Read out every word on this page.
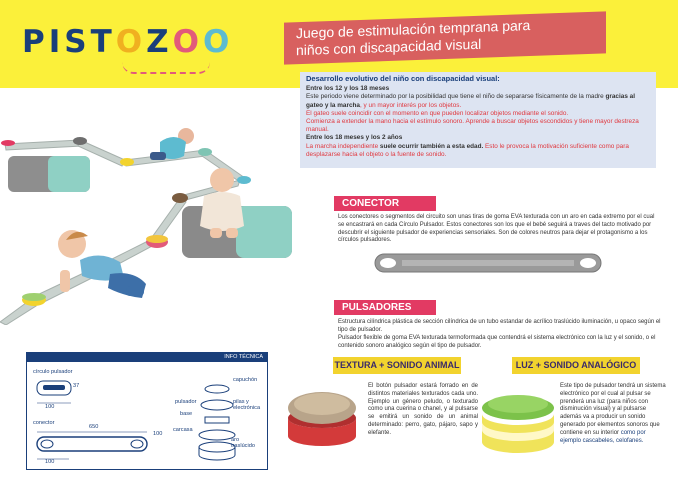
PISTOZOO	Juego de estimulación temprana para
niños con discapacidad visual
Desarrollo evolutivo del niño con discapacidad visual:
Entre los 12 y los 18 meses
Este periodo viene determinado por la posibilidad que tiene el niño de separarse físicamente de la madre gracias al gateo y la marcha, y un mayor interés por los objetos.
El gateo suele coincidir con el momento en que pueden localizar objetos mediante el sonido.
Comienza a extender la mano hacia el estímulo sonoro. Aprende a buscar objetos escondidos y tiene mayor destreza manual.
Entre los 18 meses y los 2 años
La marcha independiente suele ocurrir también a esta edad. Esto le provoca la motivación suficiente como para desplazarse hacia el objeto o la fuente de sonido.
CONECTOR
Los conectores o segmentos del circuito son unas tiras de goma EVA texturada con un aro en cada extremo por el cual se encastrará en cada Círculo Pulsador. Estos conectores son los que el bebé seguirá a traves del tacto motivado por descubrir el siguiente pulsador de experiencias sensoriales. Son de colores neutros para dejar el protagonismo a los círculos pulsadores.
PULSADORES
Estructura cilíndrica plástica de sección cilíndrica de un tubo estandar de acrílico traslúcido iluminación, u opaco según el tipo de pulsador.
Pulsador flexible de goma EVA texturada termoformada que contendrá el sistema electrónico con la luz y el sonido, o el contenido sonoro analógico según el tipo de pulsador.
INFO TÉCNICA
círculo pulsador
37
100
conector
650
100
100
capuchón
pulsador	pilas y electrónica
base
carcasa
aro traslúcido
TEXTURA + SONIDO ANIMAL
El botón pulsador estará forrado en de distintos materiales texturados cada uno. Ejemplo un género peludo, o texturado como una cuerina o chanel, y al pulsarse se emitirá un sonido de un animal determinado: perro, gato, pájaro, sapo y elefante.
LUZ + SONIDO ANALÓGICO
Este tipo de pulsador tendrá un sistema electrónico por el cual al pulsar se prenderá una luz (para niños con disminución visual) y al pulsarse además va a producir un sonido generado por elementos sonoros que contiene en su interior como por ejemplo cascabeles, celofanes.
